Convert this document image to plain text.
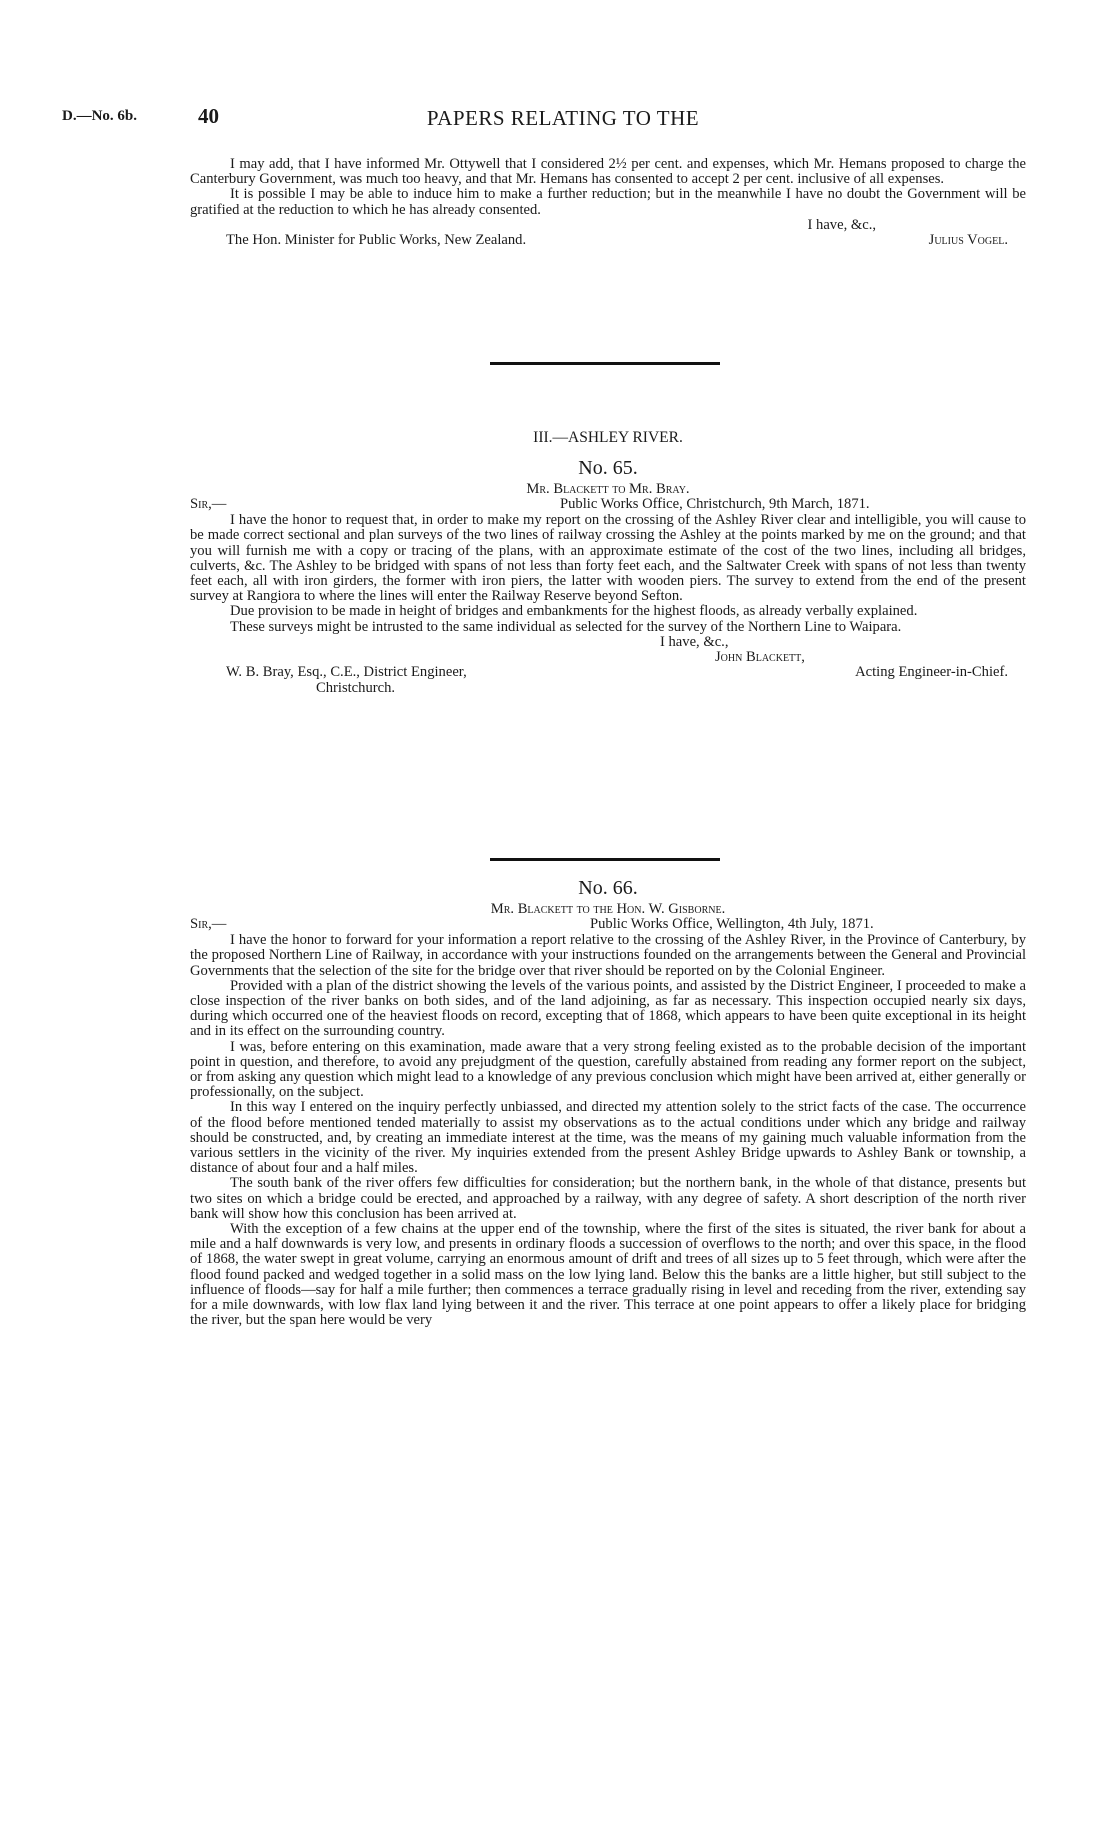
D.—No. 6b.	40	PAPERS RELATING TO THE

I may add, that I have informed Mr. Ottywell that I considered 2½ per cent. and expenses, which Mr. Hemans proposed to charge the Canterbury Government, was much too heavy, and that Mr. Hemans has consented to accept 2 per cent. inclusive of all expenses.

It is possible I may be able to induce him to make a further reduction; but in the meanwhile I have no doubt the Government will be gratified at the reduction to which he has already consented.

I have, &c.,

The Hon. Minister for Public Works, New Zealand.	Julius Vogel.
III.—ASHLEY RIVER.

No. 65.

Mr. Blackett to Mr. Bray.

Sir,—	Public Works Office, Christchurch, 9th March, 1871.

I have the honor to request that, in order to make my report on the crossing of the Ashley River clear and intelligible, you will cause to be made correct sectional and plan surveys of the two lines of railway crossing the Ashley at the points marked by me on the ground; and that you will furnish me with a copy or tracing of the plans, with an approximate estimate of the cost of the two lines, including all bridges, culverts, &c. The Ashley to be bridged with spans of not less than forty feet each, and the Saltwater Creek with spans of not less than twenty feet each, all with iron girders, the former with iron piers, the latter with wooden piers. The survey to extend from the end of the present survey at Rangiora to where the lines will enter the Railway Reserve beyond Sefton.

Due provision to be made in height of bridges and embankments for the highest floods, as already verbally explained.

These surveys might be intrusted to the same individual as selected for the survey of the Northern Line to Waipara.

I have, &c.,

John Blackett,

W. B. Bray, Esq., C.E., District Engineer,
Christchurch.
Acting Engineer-in-Chief.

No. 66.

Mr. Blackett to the Hon. W. Gisborne.

Sir,—	Public Works Office, Wellington, 4th July, 1871.

I have the honor to forward for your information a report relative to the crossing of the Ashley River, in the Province of Canterbury, by the proposed Northern Line of Railway, in accordance with your instructions founded on the arrangements between the General and Provincial Governments that the selection of the site for the bridge over that river should be reported on by the Colonial Engineer.

Provided with a plan of the district showing the levels of the various points, and assisted by the District Engineer, I proceeded to make a close inspection of the river banks on both sides, and of the land adjoining, as far as necessary. This inspection occupied nearly six days, during which occurred one of the heaviest floods on record, excepting that of 1868, which appears to have been quite exceptional in its height and in its effect on the surrounding country.

I was, before entering on this examination, made aware that a very strong feeling existed as to the probable decision of the important point in question, and therefore, to avoid any prejudgment of the question, carefully abstained from reading any former report on the subject, or from asking any question which might lead to a knowledge of any previous conclusion which might have been arrived at, either generally or professionally, on the subject.

In this way I entered on the inquiry perfectly unbiassed, and directed my attention solely to the strict facts of the case. The occurrence of the flood before mentioned tended materially to assist my observations as to the actual conditions under which any bridge and railway should be constructed, and, by creating an immediate interest at the time, was the means of my gaining much valuable information from the various settlers in the vicinity of the river. My inquiries extended from the present Ashley Bridge upwards to Ashley Bank or township, a distance of about four and a half miles.

The south bank of the river offers few difficulties for consideration; but the northern bank, in the whole of that distance, presents but two sites on which a bridge could be erected, and approached by a railway, with any degree of safety. A short description of the north river bank will show how this conclusion has been arrived at.

With the exception of a few chains at the upper end of the township, where the first of the sites is situated, the river bank for about a mile and a half downwards is very low, and presents in ordinary floods a succession of overflows to the north; and over this space, in the flood of 1868, the water swept in great volume, carrying an enormous amount of drift and trees of all sizes up to 5 feet through, which were after the flood found packed and wedged together in a solid mass on the low lying land. Below this the banks are a little higher, but still subject to the influence of floods—say for half a mile further; then commences a terrace gradually rising in level and receding from the river, extending say for a mile downwards, with low flax land lying between it and the river. This terrace at one point appears to offer a likely place for bridging the river, but the span here would be very
